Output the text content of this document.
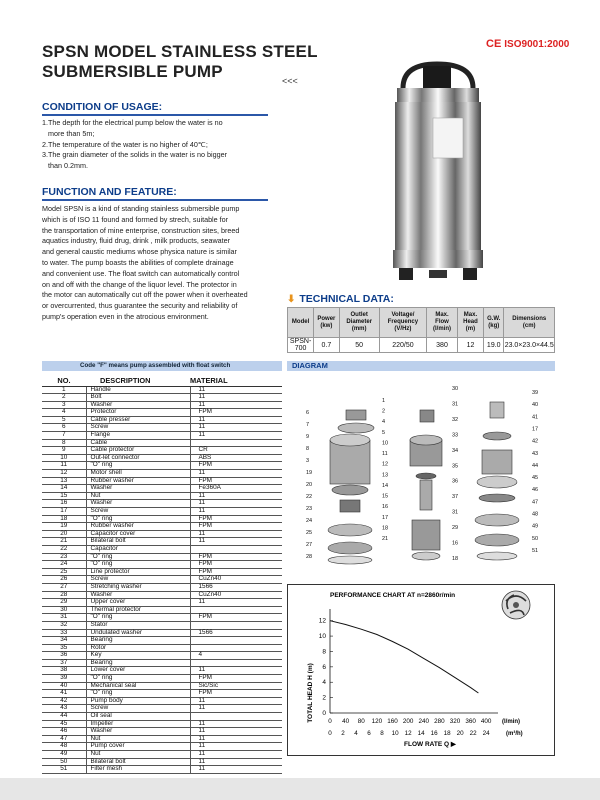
SPSN MODEL STAINLESS STEEL
SUBMERSIBLE PUMP	<<<
CE ISO9001:2000
CONDITION OF USAGE:
1.The depth for the electrical pump below the water is no
more than 5m;
2.The temperature of the water is no higher of 40℃;
3.The grain diameter of the solids in the water is no bigger
than 0.2mm.
FUNCTION AND FEATURE:
Model SPSN is a kind of standing stainless submersible pump
which is of ISO 11 found and formed by strech, suitable for
the transportation of mine enterprise, construction sites, breed
aquatics industry, fluid drug, drink , milk products, seawater
and general caustic mediums whose physica nature is similar
to water. The pump boasts the abilities of complete drainage
and convenient use. The float switch can automatically control
on and off with the change of the liquor level. The protector in
the motor can automatically cut off the power when it overheated
or overcurrented, thus guarantee the security and reliability of
pump's operation even in the atrocious environment.
⬇ TECHNICAL DATA:
Model	Power (kw)	Outlet Diameter (mm)	Voltage/ Frequency (V/Hz)	Max. Flow (l/min)	Max. Head (m)	G.W. (kg)	Dimensions (cm)
SPSN-700	0.7	50	220/50	380	12	19.0	23.0×23.0×44.5
Code "F" means pump assembled with float switch
NO.	DESCRIPTION	MATERIAL
1	Handle	11
2	Bolt	11
3	Washer	11
4	Protector	FPM
5	Cable presser	11
6	Screw	11
7	Flange	11
8	Cable	
9	Cable protector	CR
10	Out-let connector	ABS
11	"O" ring	FPM
12	Motor shell	11
13	Rubber washer	FPM
14	Washer	Fe360A
15	Nut	11
16	Washer	11
17	Screw	11
18	"O" ring	FPM
19	Rubber washer	FPM
20	Capacitor cover	11
21	Bilateral bolt	11
22	Capacitor	
23	"O" ring	FPM
24	"O" ring	FPM
25	Line protector	FPM
26	Screw	CuZn40
27	Stretching washer	1566
28	Washer	CuZn40
29	Upper cover	11
30	Thermal protector	
31	"O" ring	FPM
32	Stator	
33	Undulated washer	1566
34	Bearing	
35	Rotor	
36	Key	4
37	Bearing	
38	Lower cover	11
39	"O" ring	FPM
40	Mechanical seal	Sic/Sic
41	"O" ring	FPM
42	Pump body	11
43	Screw	11
44	Oil seal	
45	Impeller	11
46	Washer	11
47	Nut	11
48	Pump cover	11
49	Nut	11
50	Bilateral bolt	11
51	Filter mesh	11
DIAGRAM
6
7
9
8
3
19
20
22
23
24
25
27
28
1
2
4
5
10
11
12
13
14
15
16
17
18
21
30
31
32
33
34
35
36
37
31
29
16
18
39
40
41
17
42
43
44
45
46
47
48
49
50
51
PERFORMANCE CHART AT n=2860r/min
TOTAL HEAD H (m) 0
2
4
6
8
10
12
0 40 80 120 160 200 240 280 320 360 400
0 2 4 6 8 10 12 14 16 18 20 22 24
(l/min)
(m³/h)
FLOW RATE Q ▶
